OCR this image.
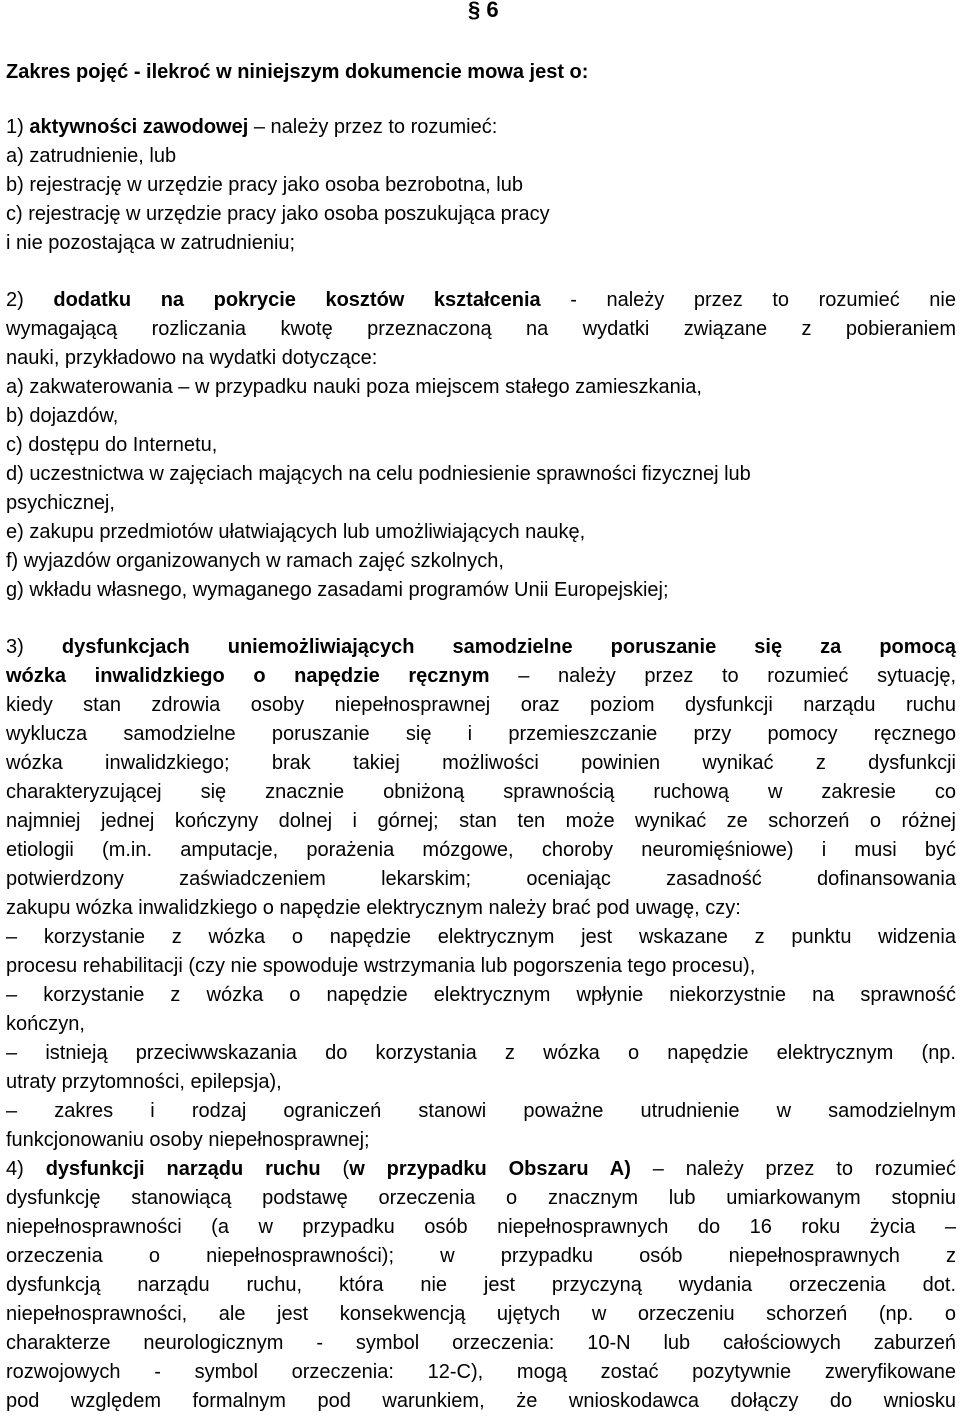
§ 6

Zakres pojęć - ilekroć w niniejszym dokumencie mowa jest o:

1) aktywności zawodowej – należy przez to rozumieć:

a) zatrudnienie, lub

b) rejestrację w urzędzie pracy jako osoba bezrobotna, lub

c) rejestrację w urzędzie pracy jako osoba poszukująca pracy

i nie pozostająca w zatrudnieniu;

2) dodatku na pokrycie kosztów kształcenia - należy przez to rozumieć nie

wymagającą rozliczania kwotę przeznaczoną na wydatki związane z pobieraniem

nauki, przykładowo na wydatki dotyczące:

a) zakwaterowania – w przypadku nauki poza miejscem stałego zamieszkania,

b) dojazdów,

c) dostępu do Internetu,

d) uczestnictwa w zajęciach mających na celu podniesienie sprawności fizycznej lub

psychicznej,

e) zakupu przedmiotów ułatwiających lub umożliwiających naukę,

f) wyjazdów organizowanych w ramach zajęć szkolnych,

g) wkładu własnego, wymaganego zasadami programów Unii Europejskiej;

3) dysfunkcjach uniemożliwiających samodzielne poruszanie się za pomocą

wózka inwalidzkiego o napędzie ręcznym – należy przez to rozumieć sytuację,

kiedy stan zdrowia osoby niepełnosprawnej oraz poziom dysfunkcji narządu ruchu

wyklucza samodzielne poruszanie się i przemieszczanie przy pomocy ręcznego

wózka inwalidzkiego; brak takiej możliwości powinien wynikać z dysfunkcji

charakteryzującej się znacznie obniżoną sprawnością ruchową w zakresie co

najmniej jednej kończyny dolnej i górnej; stan ten może wynikać ze schorzeń o różnej

etiologii (m.in. amputacje, porażenia mózgowe, choroby neuromięśniowe) i musi być

potwierdzony zaświadczeniem lekarskim; oceniając zasadność dofinansowania

zakupu wózka inwalidzkiego o napędzie elektrycznym należy brać pod uwagę, czy:

– korzystanie z wózka o napędzie elektrycznym jest wskazane z punktu widzenia

procesu rehabilitacji (czy nie spowoduje wstrzymania lub pogorszenia tego procesu),

– korzystanie z wózka o napędzie elektrycznym wpłynie niekorzystnie na sprawność

kończyn,

– istnieją przeciwwskazania do korzystania z wózka o napędzie elektrycznym (np.

utraty przytomności, epilepsja),

– zakres i rodzaj ograniczeń stanowi poważne utrudnienie w samodzielnym

funkcjonowaniu osoby niepełnosprawnej;

4) dysfunkcji narządu ruchu (w przypadku Obszaru A) – należy przez to rozumieć

dysfunkcję stanowiącą podstawę orzeczenia o znacznym lub umiarkowanym stopniu

niepełnosprawności (a w przypadku osób niepełnosprawnych do 16 roku życia –

orzeczenia o niepełnosprawności); w przypadku osób niepełnosprawnych z

dysfunkcją narządu ruchu, która nie jest przyczyną wydania orzeczenia dot.

niepełnosprawności, ale jest konsekwencją ujętych w orzeczeniu schorzeń (np. o

charakterze neurologicznym - symbol orzeczenia: 10-N lub całościowych zaburzeń

rozwojowych - symbol orzeczenia: 12-C), mogą zostać pozytywnie zweryfikowane

pod względem formalnym pod warunkiem, że wnioskodawca dołączy do wniosku
